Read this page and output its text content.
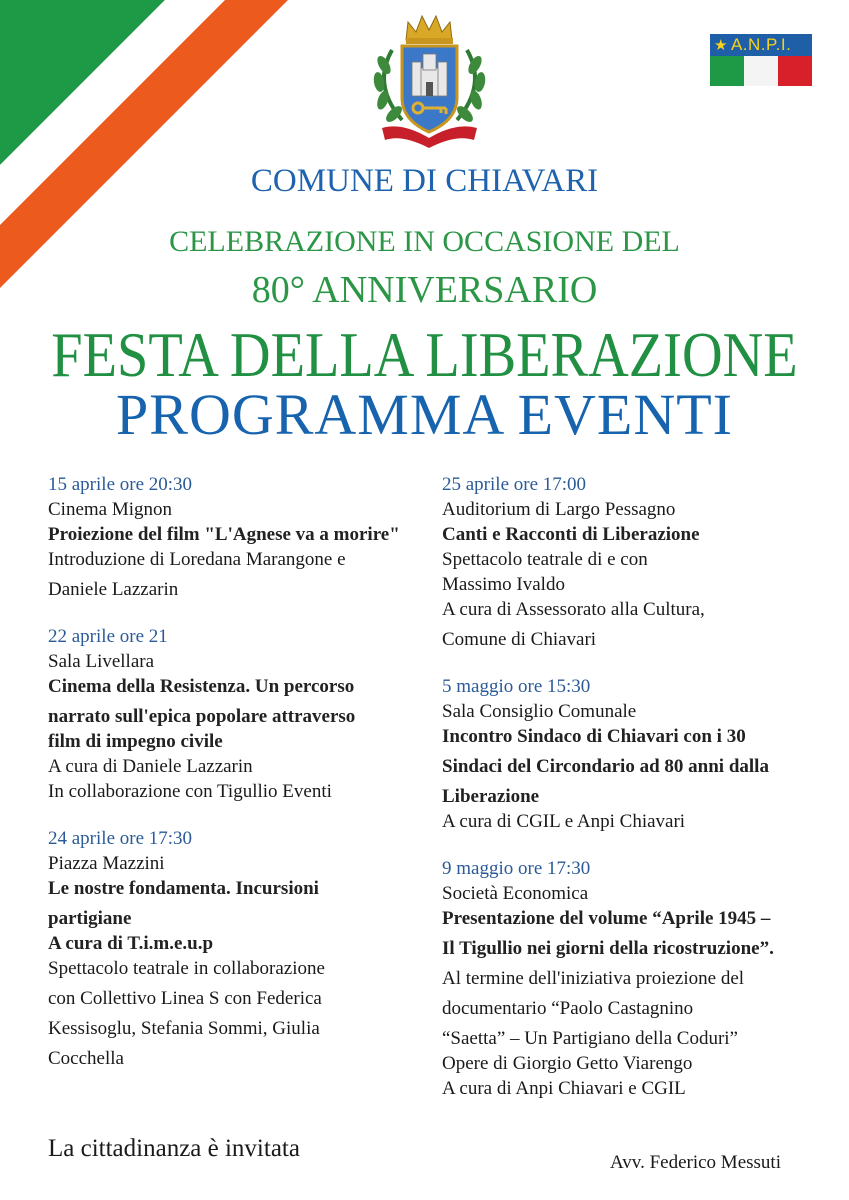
★ A.N.P.I.
COMUNE DI CHIAVARI
CELEBRAZIONE IN OCCASIONE DEL
80° ANNIVERSARIO
FESTA DELLA LIBERAZIONE
PROGRAMMA EVENTI
15 aprile ore 20:30
Cinema Mignon
Proiezione del film "L'Agnese va a morire"
Introduzione di Loredana Marangone e
Daniele Lazzarin
22 aprile ore 21
Sala Livellara
Cinema della Resistenza. Un percorso
narrato sull'epica popolare attraverso
film di impegno civile
A cura di Daniele Lazzarin
In collaborazione con Tigullio Eventi
24 aprile ore 17:30
Piazza Mazzini
Le nostre fondamenta. Incursioni
partigiane
A cura di T.i.m.e.u.p
Spettacolo teatrale in collaborazione
con Collettivo Linea S con Federica
Kessisoglu, Stefania Sommi, Giulia
Cocchella
25 aprile ore 17:00
Auditorium di Largo Pessagno
Canti e Racconti di Liberazione
Spettacolo teatrale di e con
Massimo Ivaldo
A cura di Assessorato alla Cultura,
Comune di Chiavari
5 maggio ore 15:30
Sala Consiglio Comunale
Incontro Sindaco di Chiavari con i 30
Sindaci del Circondario ad 80 anni dalla
Liberazione
A cura di CGIL e Anpi Chiavari
9 maggio ore 17:30
Società Economica
Presentazione del volume “Aprile 1945 –
Il Tigullio nei giorni della ricostruzione”.
Al termine dell'iniziativa proiezione del
documentario “Paolo Castagnino
“Saetta” – Un Partigiano della Coduri”
Opere di Giorgio Getto Viarengo
A cura di Anpi Chiavari e CGIL
La cittadinanza è invitata
Avv. Federico Messuti
